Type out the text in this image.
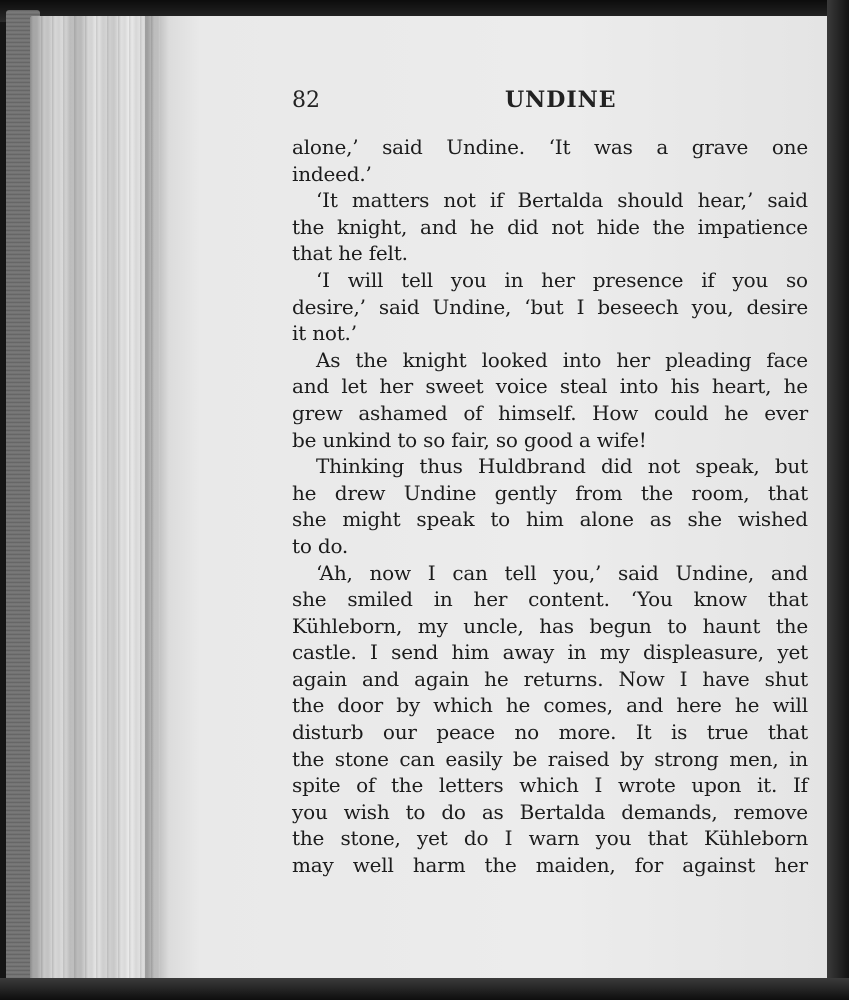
82	UNDINE
alone,’ said Undine. ‘It was a grave one
indeed.’
‘It matters not if Bertalda should hear,’ said
the knight, and he did not hide the impatience
that he felt.
‘I will tell you in her presence if you so
desire,’ said Undine, ‘but I beseech you, desire
it not.’
As the knight looked into her pleading face
and let her sweet voice steal into his heart, he
grew ashamed of himself. How could he ever
be unkind to so fair, so good a wife!
Thinking thus Huldbrand did not speak, but
he drew Undine gently from the room, that
she might speak to him alone as she wished
to do.
‘Ah, now I can tell you,’ said Undine, and
she smiled in her content. ‘You know that
Kühleborn, my uncle, has begun to haunt the
castle. I send him away in my displeasure, yet
again and again he returns. Now I have shut
the door by which he comes, and here he will
disturb our peace no more. It is true that
the stone can easily be raised by strong men, in
spite of the letters which I wrote upon it. If
you wish to do as Bertalda demands, remove
the stone, yet do I warn you that Kühleborn
may well harm the maiden, for against her
